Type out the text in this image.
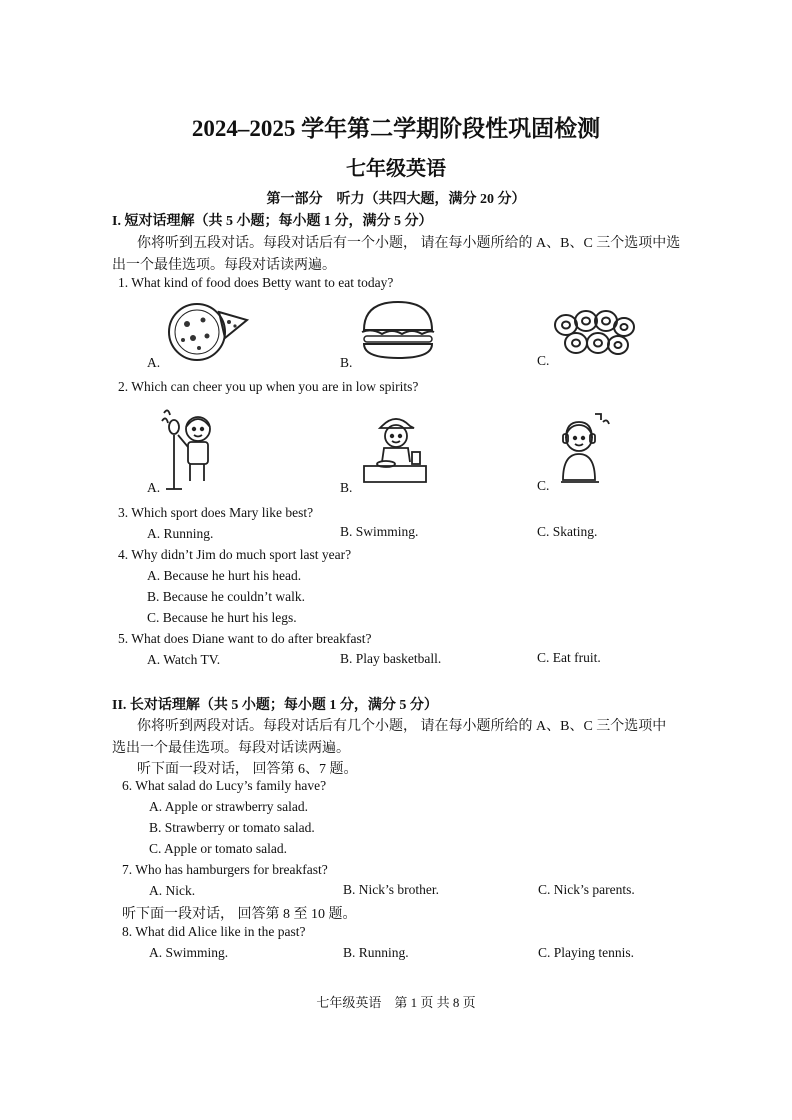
2024–2025 学年第二学期阶段性巩固检测
七年级英语
第一部分　听力（共四大题，满分 20 分）
I. 短对话理解（共 5 小题；每小题 1 分，满分 5 分）
你将听到五段对话。每段对话后有一个小题， 请在每小题所给的 A、B、C 三个选项中选
出一个最佳选项。每段对话读两遍。
1. What kind of food does Betty want to eat today?
A.	B.	C.
2. Which can cheer you up when you are in low spirits?
A.	B.	C.
3. Which sport does Mary like best?
A. Running.	B. Swimming.	C. Skating.
4. Why didn’t Jim do much sport last year?
A. Because he hurt his head.
B. Because he couldn’t walk.
C. Because he hurt his legs.
5. What does Diane want to do after breakfast?
A. Watch TV.	B. Play basketball.	C. Eat fruit.
II. 长对话理解（共 5 小题；每小题 1 分，满分 5 分）
你将听到两段对话。每段对话后有几个小题， 请在每小题所给的 A、B、C 三个选项中
选出一个最佳选项。每段对话读两遍。
听下面一段对话， 回答第 6、7 题。
6. What salad do Lucy’s family have?
A. Apple or strawberry salad.
B. Strawberry or tomato salad.
C. Apple or tomato salad.
7. Who has hamburgers for breakfast?
A. Nick.	B. Nick’s brother.	C. Nick’s parents.
听下面一段对话， 回答第 8 至 10 题。
8. What did Alice like in the past?
A. Swimming.	B. Running.	C. Playing tennis.
七年级英语　第 1 页 共 8 页
